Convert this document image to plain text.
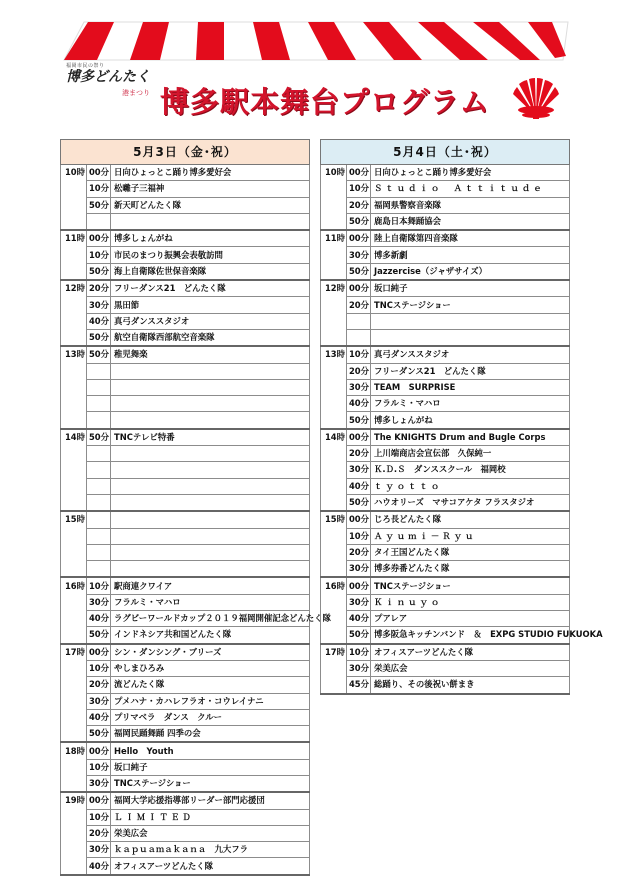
福岡市民の祭り
博多どんたく
港まつり 博多駅本舞台プログラム
5月3日（金･祝）		
10時	00分	日向ひょっとこ踊り博多愛好会
	10分	松囃子三福神
	50分	新天町どんたく隊

11時	00分	博多しょんがね
	10分	市民のまつり振興会表敬訪問
	50分	海上自衛隊佐世保音楽隊
12時	20分	フリーダンス21　どんたく隊
	30分	黒田節
	40分	真弓ダンススタジオ
	50分	航空自衛隊西部航空音楽隊
13時	50分	稚児舞楽

14時	50分	TNCテレビ特番

15時		

16時	10分	駅商連クワイア
	30分	フラルミ・マハロ
	40分	ラグビーワールドカップ２０１９福岡開催記念どんたく隊
	50分	インドネシア共和国どんたく隊
17時	00分	シン・ダンシング・ブリーズ
	10分	やしまひろみ
	20分	流どんたく隊
	30分	プメハナ・カハレフラオ・コウレイナニ
	40分	プリマベラ　ダンス　クルー
	50分	福岡民踊舞踊 四季の会
18時	00分	Hello　Youth
	10分	坂口純子
	30分	TNCステージショー
19時	00分	福岡大学応援指導部リーダー部門応援団
	10分	ＬＩＭＩＴＥＤ
	20分	栄美広会
	30分	ｋａｐｕａｍａｋａｎａ　九大フラ
	40分	オフィスアーツどんたく隊
5月4日（土･祝）		
10時	00分	日向ひょっとこ踊り博多愛好会
	10分	Ｓｔｕｄｉｏ　Ａｔｔｉｔｕｄｅ
	20分	福岡県警察音楽隊
	50分	鹿島日本舞踊協会
11時	00分	陸上自衛隊第四音楽隊
	30分	博多新劇
	50分	Jazzercise（ジャザサイズ）
12時	00分	坂口純子
	20分	TNCステージショー

13時	10分	真弓ダンススタジオ
	20分	フリーダンス21　どんたく隊
	30分	TEAM　SURPRISE
	40分	フラルミ・マハロ
	50分	博多しょんがね
14時	00分	The KNIGHTS Drum and Bugle Corps
	20分	上川端商店会宣伝部　久保純一
	30分	Ｋ.Ｄ.Ｓ　ダンススクール　福岡校
	40分	ｔｙｏｔｔｏ
	50分	ハウオリーズ　マサコアケタ フラスタジオ
15時	00分	じろ長どんたく隊
	10分	Ａｙｕｍｉ－Ｒｙｕ
	20分	タイ王国どんたく隊
	30分	博多券番どんたく隊
16時	00分	TNCステージショー
	30分	Ｋｉｎｕｙｏ
	40分	プアレア
	50分	博多阪急キッチンバンド　＆　EXPG STUDIO FUKUOKA
17時	10分	オフィスアーツどんたく隊
	30分	栄美広会
	45分	総踊り、その後祝い餅まき
